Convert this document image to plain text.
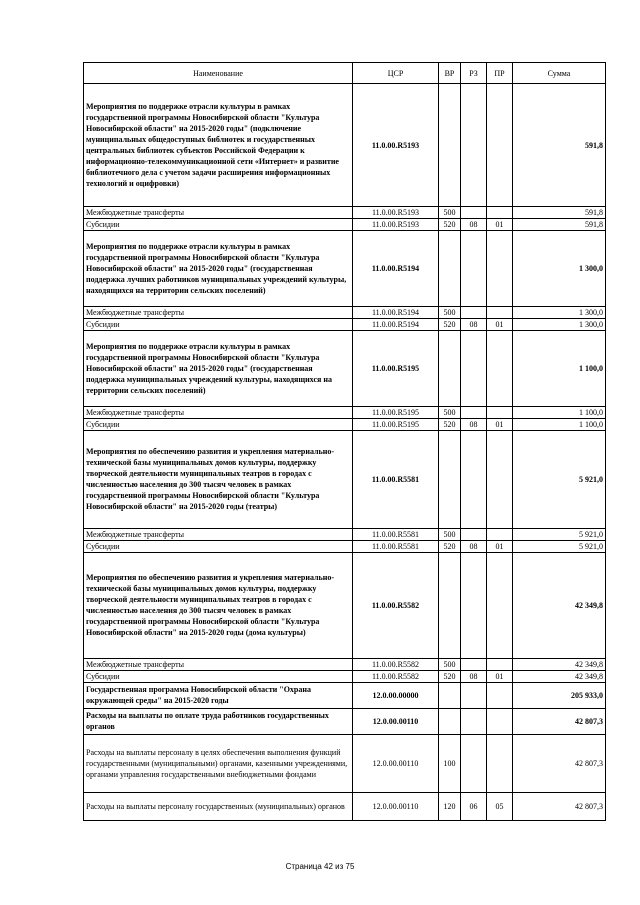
Наименование	ЦСР	ВР	РЗ	ПР	Сумма
Мероприятия по поддержке отрасли культуры в рамках государственной программы Новосибирской области "Культура Новосибирской области" на 2015-2020 годы" (подключение муниципальных общедоступных библиотек и государственных центральных библиотек субъектов Российской Федерации к информационно-телекоммуникационной сети «Интернет» и развитие библиотечного дела с учетом задачи расширения информационных технологий и оцифровки)	11.0.00.R5193				591,8
Межбюджетные трансферты	11.0.00.R5193	500			591,8
Субсидии	11.0.00.R5193	520	08	01	591,8
Мероприятия по поддержке отрасли культуры в рамках государственной программы Новосибирской области "Культура Новосибирской области" на 2015-2020 годы" (государственная поддержка лучших работников муниципальных учреждений культуры, находящихся на территории сельских поселений)	11.0.00.R5194				1 300,0
Межбюджетные трансферты	11.0.00.R5194	500			1 300,0
Субсидии	11.0.00.R5194	520	08	01	1 300,0
Мероприятия по поддержке отрасли культуры в рамках государственной программы Новосибирской области "Культура Новосибирской области" на 2015-2020 годы" (государственная поддержка муниципальных учреждений культуры, находящихся на территории сельских поселений)	11.0.00.R5195				1 100,0
Межбюджетные трансферты	11.0.00.R5195	500			1 100,0
Субсидии	11.0.00.R5195	520	08	01	1 100,0
Мероприятия по обеспечению развития и укрепления материально-технической базы муниципальных домов культуры, поддержку творческой деятельности муниципальных театров в городах с численностью населения до 300 тысяч человек в рамках государственной программы Новосибирской области "Культура Новосибирской области" на 2015-2020 годы (театры)	11.0.00.R5581				5 921,0
Межбюджетные трансферты	11.0.00.R5581	500			5 921,0
Субсидии	11.0.00.R5581	520	08	01	5 921,0
Мероприятия по обеспечению развития и укрепления материально-технической базы муниципальных домов культуры, поддержку творческой деятельности муниципальных театров в городах с численностью населения до 300 тысяч человек в рамках государственной программы Новосибирской области "Культура Новосибирской области" на 2015-2020 годы (дома культуры)	11.0.00.R5582				42 349,8
Межбюджетные трансферты	11.0.00.R5582	500			42 349,8
Субсидии	11.0.00.R5582	520	08	01	42 349,8
Государственная программа Новосибирской области "Охрана окружающей среды" на 2015-2020 годы	12.0.00.00000				205 933,0
Расходы на выплаты по оплате труда работников государственных органов	12.0.00.00110				42 807,3
Расходы на выплаты персоналу в целях обеспечения выполнения функций государственными (муниципальными) органами, казенными учреждениями, органами управления государственными внебюджетными фондами	12.0.00.00110	100			42 807,3
Расходы на выплаты персоналу государственных (муниципальных) органов	12.0.00.00110	120	06	05	42 807,3
Страница 42 из 75
